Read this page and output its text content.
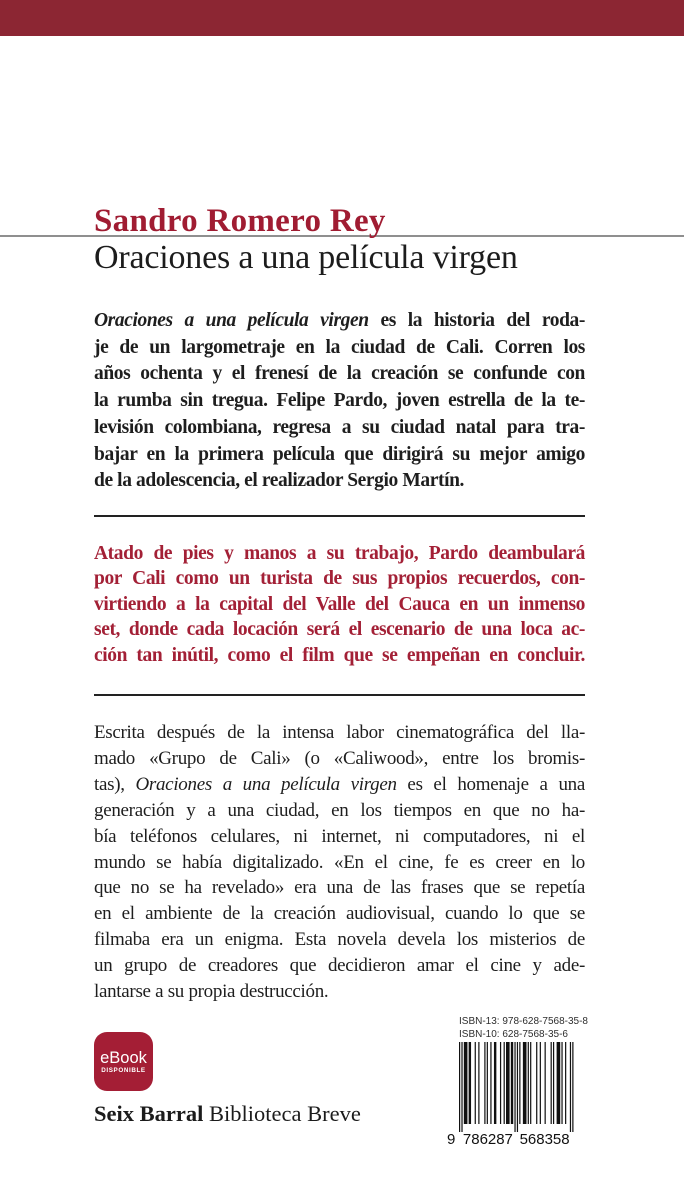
Sandro Romero Rey
Oraciones a una película virgen
Oraciones a una película virgen es la historia del roda-
je de un largometraje en la ciudad de Cali. Corren los
años ochenta y el frenesí de la creación se confunde con
la rumba sin tregua. Felipe Pardo, joven estrella de la te-
levisión colombiana, regresa a su ciudad natal para tra-
bajar en la primera película que dirigirá su mejor amigo
de la adolescencia, el realizador Sergio Martín.
Atado de pies y manos a su trabajo, Pardo deambulará
por Cali como un turista de sus propios recuerdos, con-
virtiendo a la capital del Valle del Cauca en un inmenso
set, donde cada locación será el escenario de una loca ac-
ción tan inútil, como el film que se empeñan en concluir.
Escrita después de la intensa labor cinematográfica del lla-
mado «Grupo de Cali» (o «Caliwood», entre los bromis-
tas), Oraciones a una película virgen es el homenaje a una
generación y a una ciudad, en los tiempos en que no ha-
bía teléfonos celulares, ni internet, ni computadores, ni el
mundo se había digitalizado. «En el cine, fe es creer en lo
que no se ha revelado» era una de las frases que se repetía
en el ambiente de la creación audiovisual, cuando lo que se
filmaba era un enigma. Esta novela devela los misterios de
un grupo de creadores que decidieron amar el cine y ade-
lantarse a su propia destrucción.
eBook
DISPONIBLE
Seix Barral Biblioteca Breve
ISBN-13: 978-628-7568-35-8
ISBN-10: 628-7568-35-6
9 786287 568358
